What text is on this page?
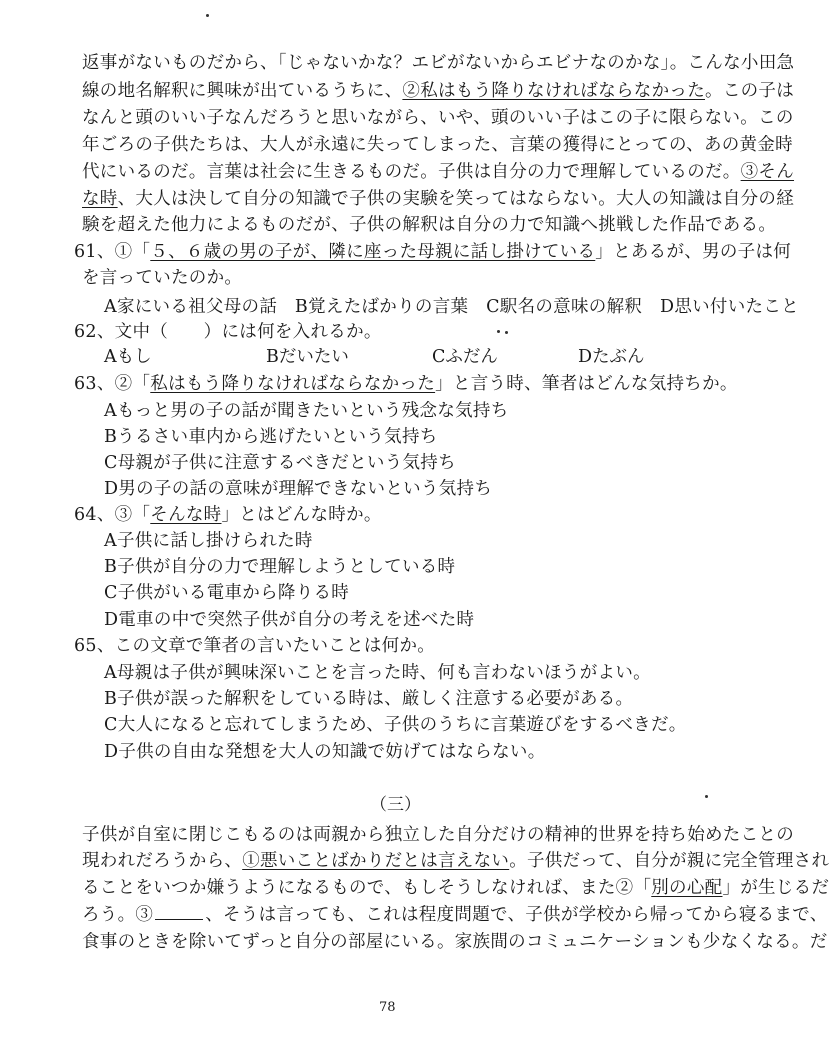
返事がないものだから、「じゃないかな？エビがないからエビナなのかな」。こんな小田急
線の地名解釈に興味が出ているうちに、②私はもう降りなければならなかった。この子は
なんと頭のいい子なんだろうと思いながら、いや、頭のいい子はこの子に限らない。この
年ごろの子供たちは、大人が永遠に失ってしまった、言葉の獲得にとっての、あの黄金時
代にいるのだ。言葉は社会に生きるものだ。子供は自分の力で理解しているのだ。③そん
な時、大人は決して自分の知識で子供の実験を笑ってはならない。大人の知識は自分の経
験を超えた他力によるものだが、子供の解釈は自分の力で知識へ挑戦した作品である。
61、①「５、６歳の男の子が、隣に座った母親に話し掛けている」とあるが、男の子は何
を言っていたのか。
A家にいる祖父母の話　B覚えたばかりの言葉　C駅名の意味の解釈　D思い付いたこと
62、文中（　　）には何を入れるか。
Aもし	Bだいたい	Cふだん	Dたぶん
63、②「私はもう降りなければならなかった」と言う時、筆者はどんな気持ちか。
Aもっと男の子の話が聞きたいという残念な気持ち
Bうるさい車内から逃げたいという気持ち
C母親が子供に注意するべきだという気持ち
D男の子の話の意味が理解できないという気持ち
64、③「そんな時」とはどんな時か。
A子供に話し掛けられた時
B子供が自分の力で理解しようとしている時
C子供がいる電車から降りる時
D電車の中で突然子供が自分の考えを述べた時
65、この文章で筆者の言いたいことは何か。
A母親は子供が興味深いことを言った時、何も言わないほうがよい。
B子供が誤った解釈をしている時は、厳しく注意する必要がある。
C大人になると忘れてしまうため、子供のうちに言葉遊びをするべきだ。
D子供の自由な発想を大人の知識で妨げてはならない。
（三）
子供が自室に閉じこもるのは両親から独立した自分だけの精神的世界を持ち始めたことの
現われだろうから、①悪いことばかりだとは言えない。子供だって、自分が親に完全管理され
ることをいつか嫌うようになるもので、もしそうしなければ、また②「別の心配」が生じるだ
ろう。③	、そうは言っても、これは程度問題で、子供が学校から帰ってから寝るまで、
食事のときを除いてずっと自分の部屋にいる。家族間のコミュニケーションも少なくなる。だ
78
